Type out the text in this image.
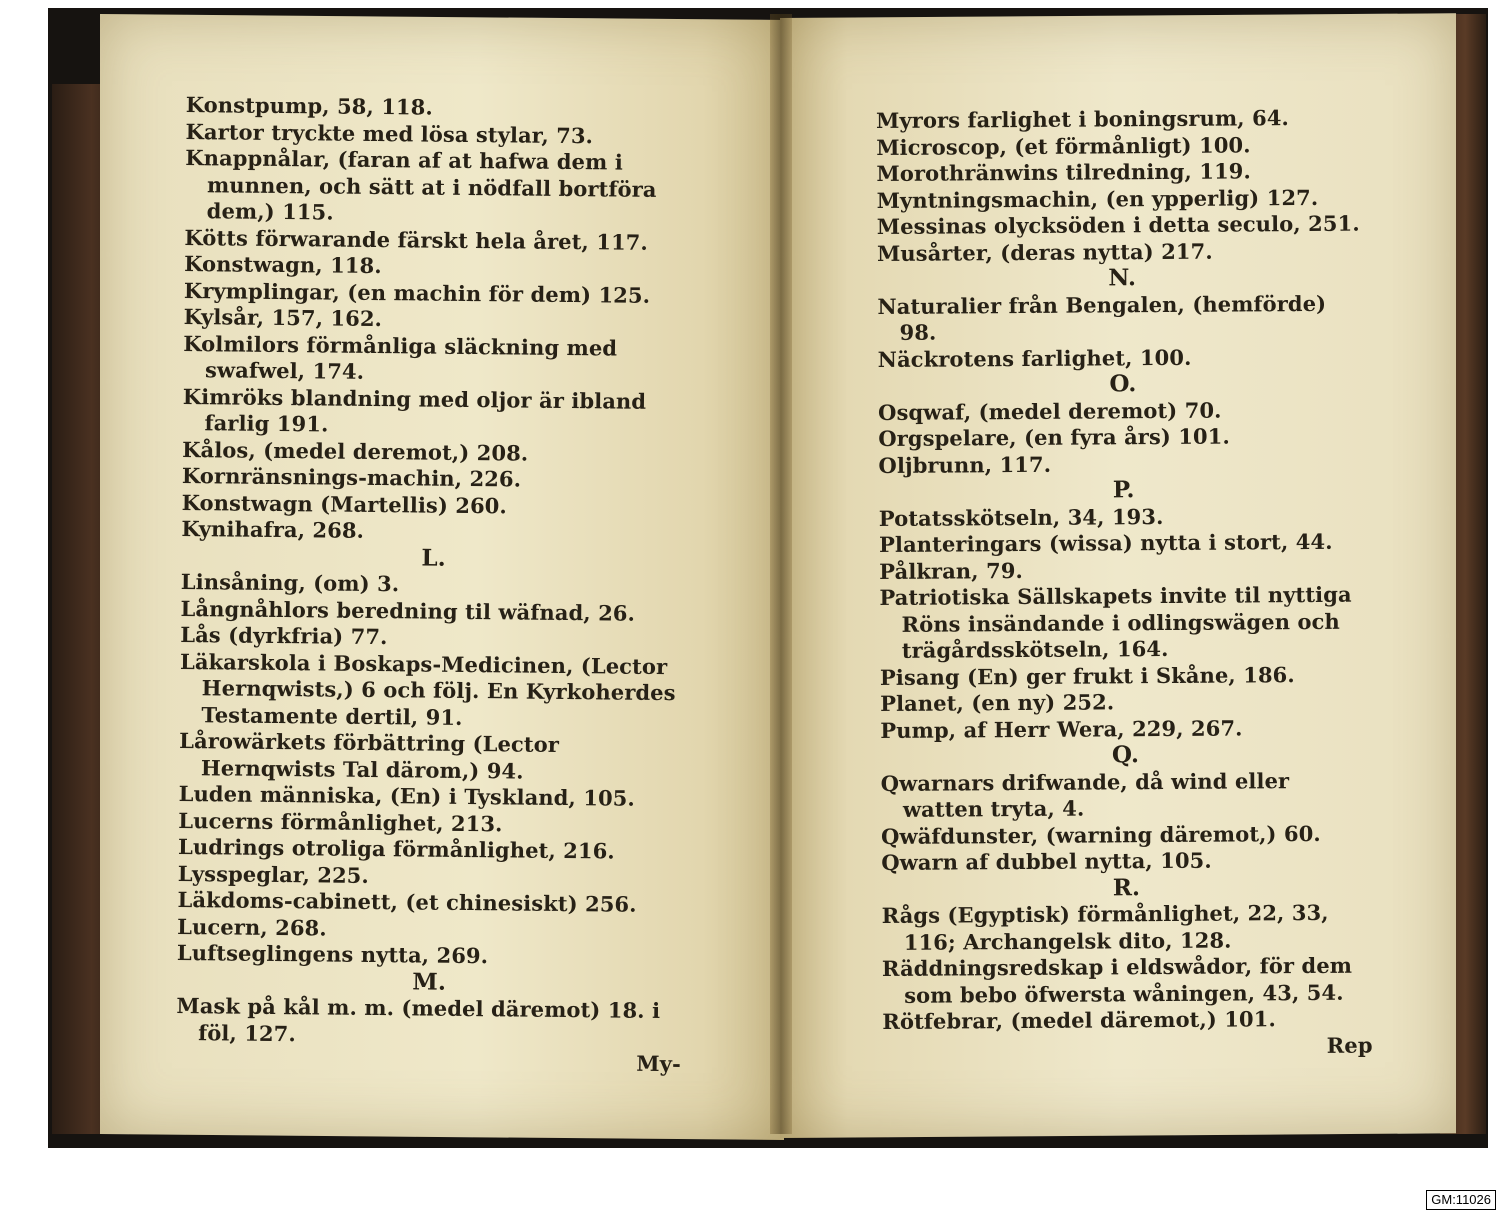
Konstpump, 58, 118.

Kartor tryckte med lösa stylar, 73.

Knappnålar, (faran af at hafwa dem i munnen, och sätt at i nödfall bortföra dem,) 115.

Kötts förwarande färskt hela året, 117.

Konstwagn, 118.

Krymplingar, (en machin för dem) 125.

Kylsår, 157, 162.

Kolmilors förmånliga släckning med swafwel, 174.

Kimröks blandning med oljor är ibland farlig 191.

Kålos, (medel deremot,) 208.

Kornränsnings-machin, 226.

Konstwagn (Martellis) 260.

Kynihafra, 268.

L.

Linsåning, (om) 3.

Långnåhlors beredning til wäfnad, 26.

Lås (dyrkfria) 77.

Läkarskola i Boskaps-Medicinen, (Lector Hernqwists,) 6 och följ. En Kyrkoherdes Testamente dertil, 91.

Lårowärkets förbättring (Lector Hernqwists Tal därom,) 94.

Luden människa, (En) i Tyskland, 105.

Lucerns förmånlighet, 213.

Ludrings otroliga förmånlighet, 216.

Lysspeglar, 225.

Läkdoms-cabinett, (et chinesiskt) 256.

Lucern, 268.

Luftseglingens nytta, 269.

M.

Mask på kål m. m. (medel däremot) 18. i föl, 127.

My-

Myrors farlighet i boningsrum, 64.

Microscop, (et förmånligt) 100.

Morothränwins tilredning, 119.

Myntningsmachin, (en ypperlig) 127.

Messinas olycksöden i detta seculo, 251.

Musårter, (deras nytta) 217.

N.

Naturalier från Bengalen, (hemförde) 98.

Näckrotens farlighet, 100.

O.

Osqwaf, (medel deremot) 70.

Orgspelare, (en fyra års) 101.

Oljbrunn, 117.

P.

Potatsskötseln, 34, 193.

Planteringars (wissa) nytta i stort, 44.

Pålkran, 79.

Patriotiska Sällskapets invite til nyttiga Röns insändande i odlingswägen och trägårdsskötseln, 164.

Pisang (En) ger frukt i Skåne, 186.

Planet, (en ny) 252.

Pump, af Herr Wera, 229, 267.

Q.

Qwarnars drifwande, då wind eller watten tryta, 4.

Qwäfdunster, (warning däremot,) 60.

Qwarn af dubbel nytta, 105.

R.

Rågs (Egyptisk) förmånlighet, 22, 33, 116; Archangelsk dito, 128.

Räddningsredskap i eldswådor, för dem som bebo öfwersta wåningen, 43, 54.

Rötfebrar, (medel däremot,) 101.

Rep

GM:11026
